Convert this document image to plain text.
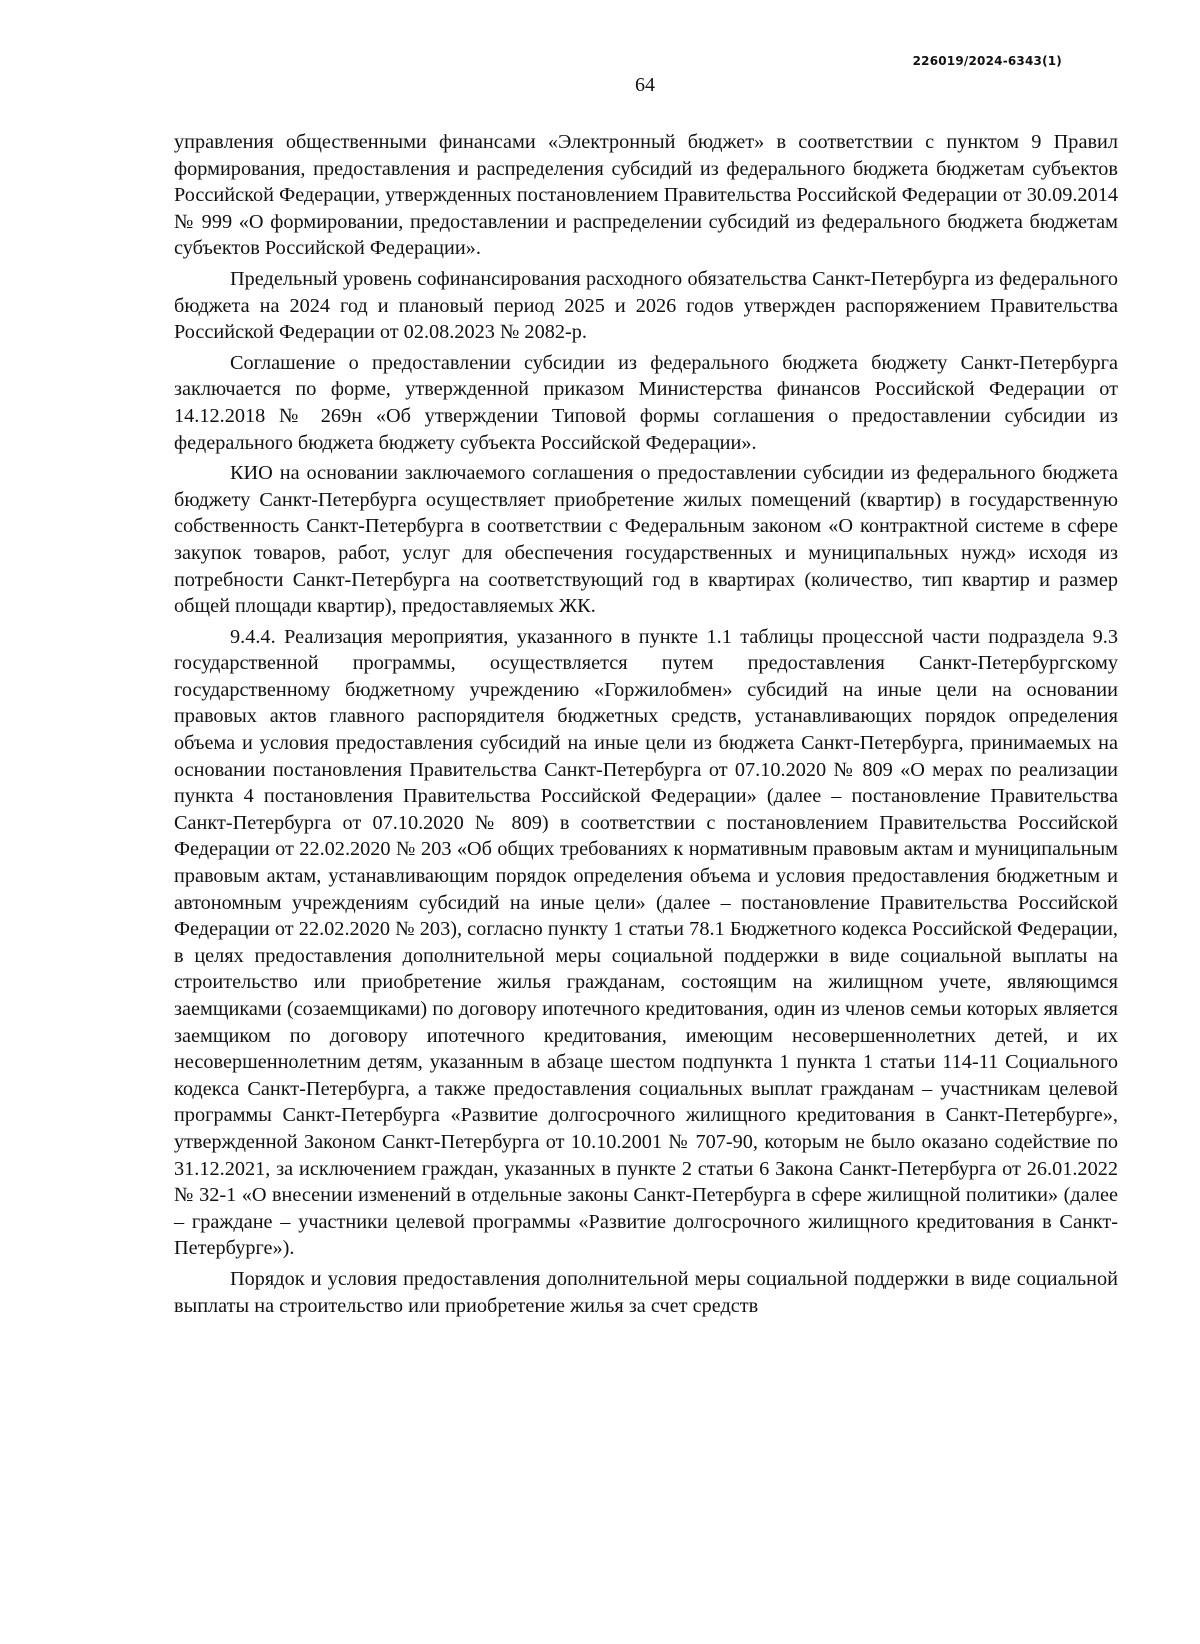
226019/2024-6343(1)
64

управления общественными финансами «Электронный бюджет» в соответствии с пунктом 9 Правил формирования, предоставления и распределения субсидий из федерального бюджета бюджетам субъектов Российской Федерации, утвержденных постановлением Правительства Российской Федерации от 30.09.2014 № 999 «О формировании, предоставлении и распределении субсидий из федерального бюджета бюджетам субъектов Российской Федерации».

Предельный уровень софинансирования расходного обязательства Санкт-Петербурга из федерального бюджета на 2024 год и плановый период 2025 и 2026 годов утвержден распоряжением Правительства Российской Федерации от 02.08.2023 № 2082-р.

Соглашение о предоставлении субсидии из федерального бюджета бюджету Санкт-Петербурга заключается по форме, утвержденной приказом Министерства финансов Российской Федерации от 14.12.2018 № 269н «Об утверждении Типовой формы соглашения о предоставлении субсидии из федерального бюджета бюджету субъекта Российской Федерации».

КИО на основании заключаемого соглашения о предоставлении субсидии из федерального бюджета бюджету Санкт-Петербурга осуществляет приобретение жилых помещений (квартир) в государственную собственность Санкт-Петербурга в соответствии с Федеральным законом «О контрактной системе в сфере закупок товаров, работ, услуг для обеспечения государственных и муниципальных нужд» исходя из потребности Санкт-Петербурга на соответствующий год в квартирах (количество, тип квартир и размер общей площади квартир), предоставляемых ЖК.

9.4.4. Реализация мероприятия, указанного в пункте 1.1 таблицы процессной части подраздела 9.3 государственной программы, осуществляется путем предоставления Санкт-Петербургскому государственному бюджетному учреждению «Горжилобмен» субсидий на иные цели на основании правовых актов главного распорядителя бюджетных средств, устанавливающих порядок определения объема и условия предоставления субсидий на иные цели из бюджета Санкт-Петербурга, принимаемых на основании постановления Правительства Санкт-Петербурга от 07.10.2020 № 809 «О мерах по реализации пункта 4 постановления Правительства Российской Федерации» (далее – постановление Правительства Санкт-Петербурга от 07.10.2020 № 809) в соответствии с постановлением Правительства Российской Федерации от 22.02.2020 № 203 «Об общих требованиях к нормативным правовым актам и муниципальным правовым актам, устанавливающим порядок определения объема и условия предоставления бюджетным и автономным учреждениям субсидий на иные цели» (далее – постановление Правительства Российской Федерации от 22.02.2020 № 203), согласно пункту 1 статьи 78.1 Бюджетного кодекса Российской Федерации, в целях предоставления дополнительной меры социальной поддержки в виде социальной выплаты на строительство или приобретение жилья гражданам, состоящим на жилищном учете, являющимся заемщиками (созаемщиками) по договору ипотечного кредитования, один из членов семьи которых является заемщиком по договору ипотечного кредитования, имеющим несовершеннолетних детей, и их несовершеннолетним детям, указанным в абзаце шестом подпункта 1 пункта 1 статьи 114-11 Социального кодекса Санкт-Петербурга, а также предоставления социальных выплат гражданам – участникам целевой программы Санкт-Петербурга «Развитие долгосрочного жилищного кредитования в Санкт-Петербурге», утвержденной Законом Санкт-Петербурга от 10.10.2001 № 707-90, которым не было оказано содействие по 31.12.2021, за исключением граждан, указанных в пункте 2 статьи 6 Закона Санкт-Петербурга от 26.01.2022 № 32-1 «О внесении изменений в отдельные законы Санкт-Петербурга в сфере жилищной политики» (далее – граждане – участники целевой программы «Развитие долгосрочного жилищного кредитования в Санкт-Петербурге»).

Порядок и условия предоставления дополнительной меры социальной поддержки в виде социальной выплаты на строительство или приобретение жилья за счет средств
